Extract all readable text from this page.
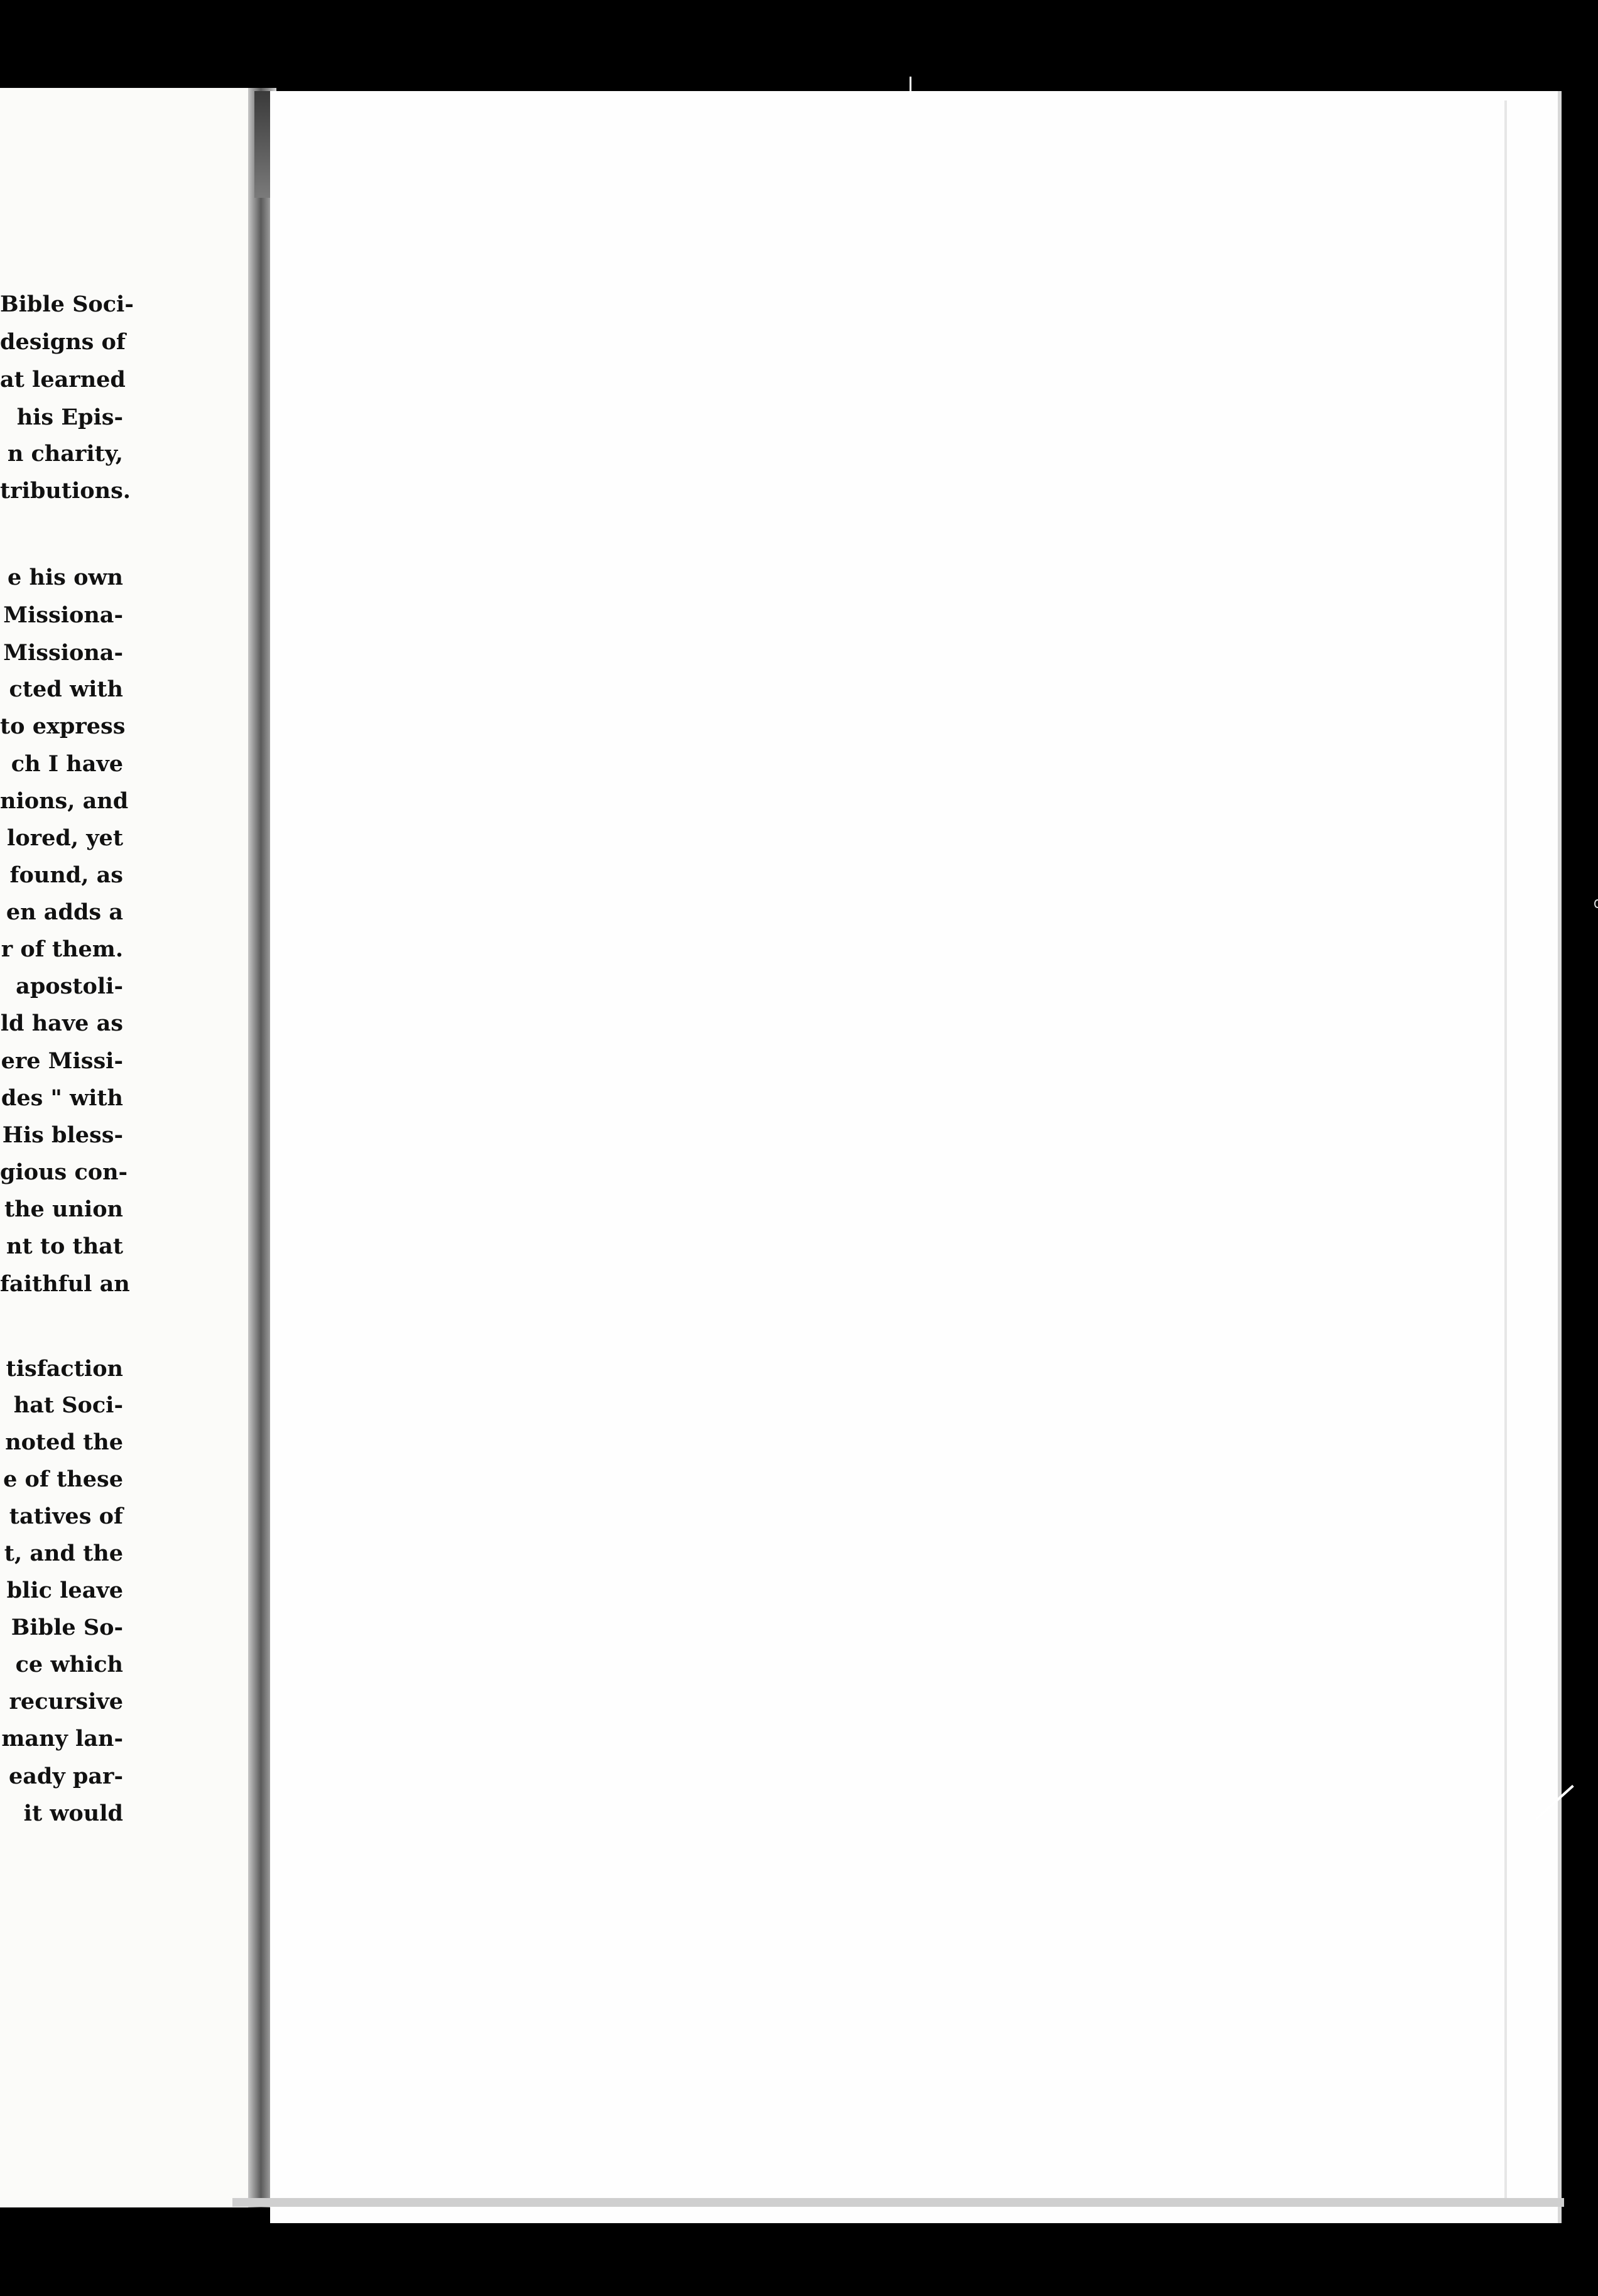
Bible Soci-
designs of
at learned
his Epis-
n charity,
tributions.
e his own
Missiona-
Missiona-
cted with
to express
ch I have
nions, and
lored, yet
found, as
en adds a
r of them.
apostoli-
ld have as
ere Missi-
des " with
His bless-
gious con-
the union
nt to that
faithful an
tisfaction
hat Soci-
noted the
e of these
tatives of
t, and the
blic leave
Bible So-
ce which
recursive
many lan-
eady par-
it would
